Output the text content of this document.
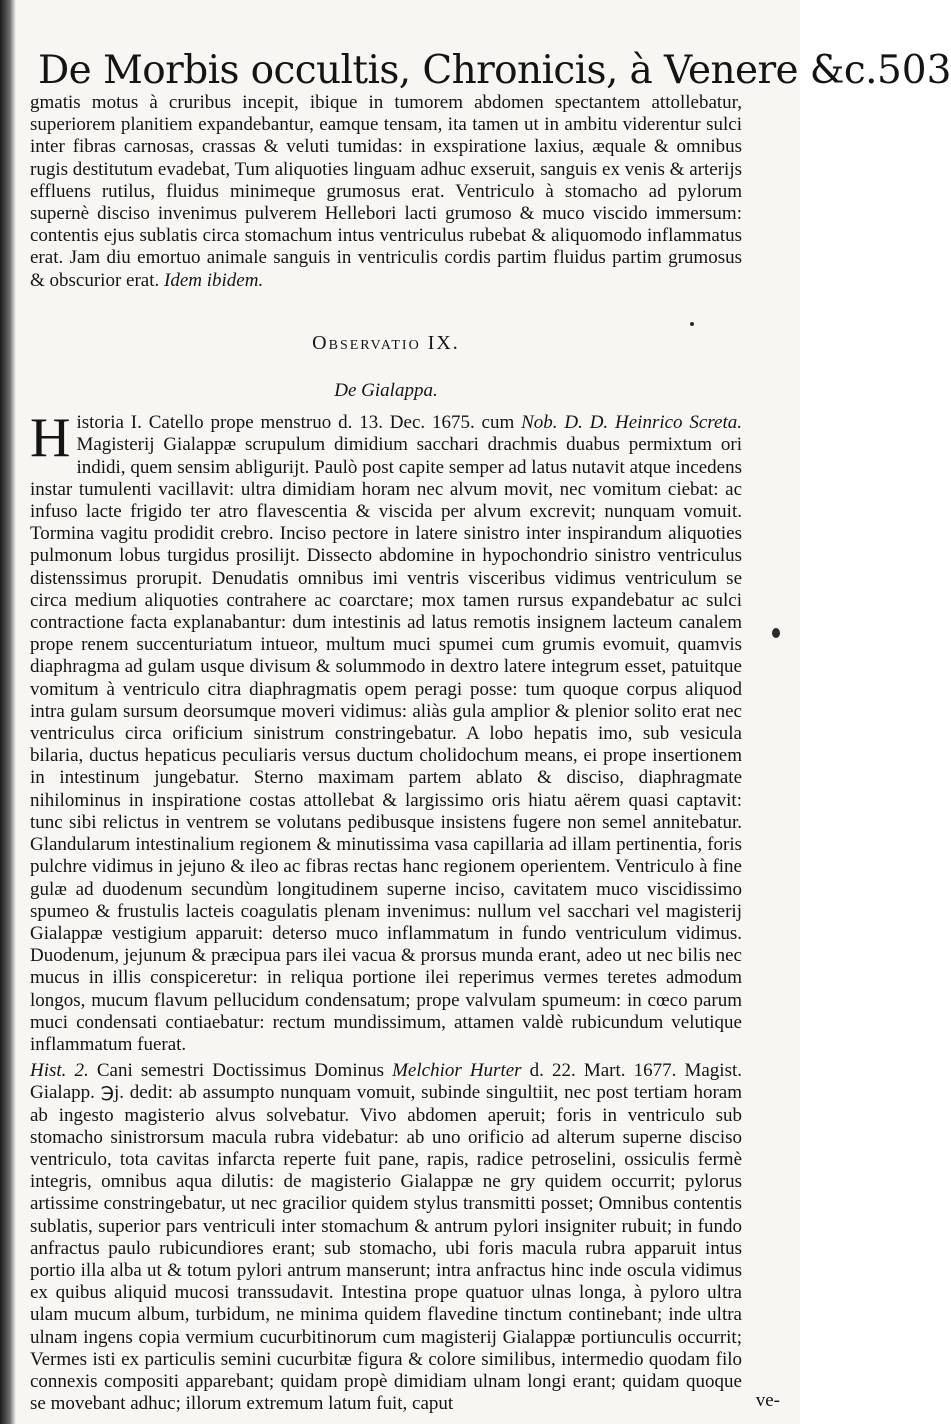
De Morbis occultis, Chronicis, à Venere &c. 503

gmatis motus à cruribus incepit, ibique in tumorem abdomen spectantem attollebatur, superiorem planitiem expandebantur, eamque tensam, ita tamen ut in ambitu viderentur sulci inter fibras carnosas, crassas & veluti tumidas: in exspiratione laxius, æquale & omnibus rugis destitutum evadebat, Tum aliquoties linguam adhuc exseruit, sanguis ex venis & arterijs effluens rutilus, fluidus minimeque grumosus erat. Ventriculo à stomacho ad pylorum supernè disciso invenimus pulverem Hellebori lacti grumoso & muco viscido immersum: contentis ejus sublatis circa stomachum intus ventriculus rubebat & aliquomodo inflammatus erat. Jam diu emortuo animale sanguis in ventriculis cordis partim fluidus partim grumosus & obscurior erat. Idem ibidem.

Observatio IX.
De Gialappa.

Historia I. Catello prope menstruo d. 13. Dec. 1675. cum Nob. D. D. Heinrico Screta. Magisterij Gialappæ scrupulum dimidium sacchari drachmis duabus permixtum ori indidi, quem sensim abligurijt. Paulò post capite semper ad latus nutavit atque incedens instar tumulenti vacillavit: ultra dimidiam horam nec alvum movit, nec vomitum ciebat: ac infuso lacte frigido ter atro flavescentia & viscida per alvum excrevit; nunquam vomuit. Tormina vagitu prodidit crebro. Inciso pectore in latere sinistro inter inspirandum aliquoties pulmonum lobus turgidus prosilijt. Dissecto abdomine in hypochondrio sinistro ventriculus distenssimus prorupit. Denudatis omnibus imi ventris visceribus vidimus ventriculum se circa medium aliquoties contrahere ac coarctare; mox tamen rursus expandebatur ac sulci contractione facta explanabantur: dum intestinis ad latus remotis insignem lacteum canalem prope renem succenturiatum intueor, multum muci spumei cum grumis evomuit, quamvis diaphragma ad gulam usque divisum & solummodo in dextro latere integrum esset, patuitque vomitum à ventriculo citra diaphragmatis opem peragi posse: tum quoque corpus aliquod intra gulam sursum deorsumque moveri vidimus: aliàs gula amplior & plenior solito erat nec ventriculus circa orificium sinistrum constringebatur. A lobo hepatis imo, sub vesicula bilaria, ductus hepaticus peculiaris versus ductum cholidochum means, ei prope insertionem in intestinum jungebatur. Sterno maximam partem ablato & disciso, diaphragmate nihilominus in inspiratione costas attollebat & largissimo oris hiatu aërem quasi captavit: tunc sibi relictus in ventrem se volutans pedibusque insistens fugere non semel annitebatur. Glandularum intestinalium regionem & minutissima vasa capillaria ad illam pertinentia, foris pulchre vidimus in jejuno & ileo ac fibras rectas hanc regionem operientem. Ventriculo à fine gulæ ad duodenum secundùm longitudinem superne inciso, cavitatem muco viscidissimo spumeo & frustulis lacteis coagulatis plenam invenimus: nullum vel sacchari vel magisterij Gialappæ vestigium apparuit: deterso muco inflammatum in fundo ventriculum vidimus. Duodenum, jejunum & præcipua pars ilei vacua & prorsus munda erant, adeo ut nec bilis nec mucus in illis conspiceretur: in reliqua portione ilei reperimus vermes teretes admodum longos, mucum flavum pellucidum condensatum; prope valvulam spumeum: in cœco parum muci condensati contiaebatur: rectum mundissimum, attamen valdè rubicundum velutique inflammatum fuerat.

Hist. 2. Cani semestri Doctissimus Dominus Melchior Hurter d. 22. Mart. 1677. Magist. Gialapp. ℈j. dedit: ab assumpto nunquam vomuit, subinde singultiit, nec post tertiam horam ab ingesto magisterio alvus solvebatur. Vivo abdomen aperuit; foris in ventriculo sub stomacho sinistrorsum macula rubra videbatur: ab uno orificio ad alterum superne disciso ventriculo, tota cavitas infarcta reperte fuit pane, rapis, radice petroselini, ossiculis fermè integris, omnibus aqua dilutis: de magisterio Gialappæ ne gry quidem occurrit; pylorus artissime constringebatur, ut nec gracilior quidem stylus transmitti posset; Omnibus contentis sublatis, superior pars ventriculi inter stomachum & antrum pylori insigniter rubuit; in fundo anfractus paulo rubicundiores erant; sub stomacho, ubi foris macula rubra apparuit intus portio illa alba ut & totum pylori antrum manserunt; intra anfractus hinc inde oscula vidimus ex quibus aliquid mucosi transsudavit. Intestina prope quatuor ulnas longa, à pyloro ultra ulam mucum album, turbidum, ne minima quidem flavedine tinctum continebant; inde ultra ulnam ingens copia vermium cucurbitinorum cum magisterij Gialappæ portiunculis occurrit; Vermes isti ex particulis semini cucurbitæ figura & colore similibus, intermedio quodam filo connexis compositi apparebant; quidam propè dimidiam ulnam longi erant; quidam quoque se movebant adhuc; illorum extremum latum fuit, caput	ve-
